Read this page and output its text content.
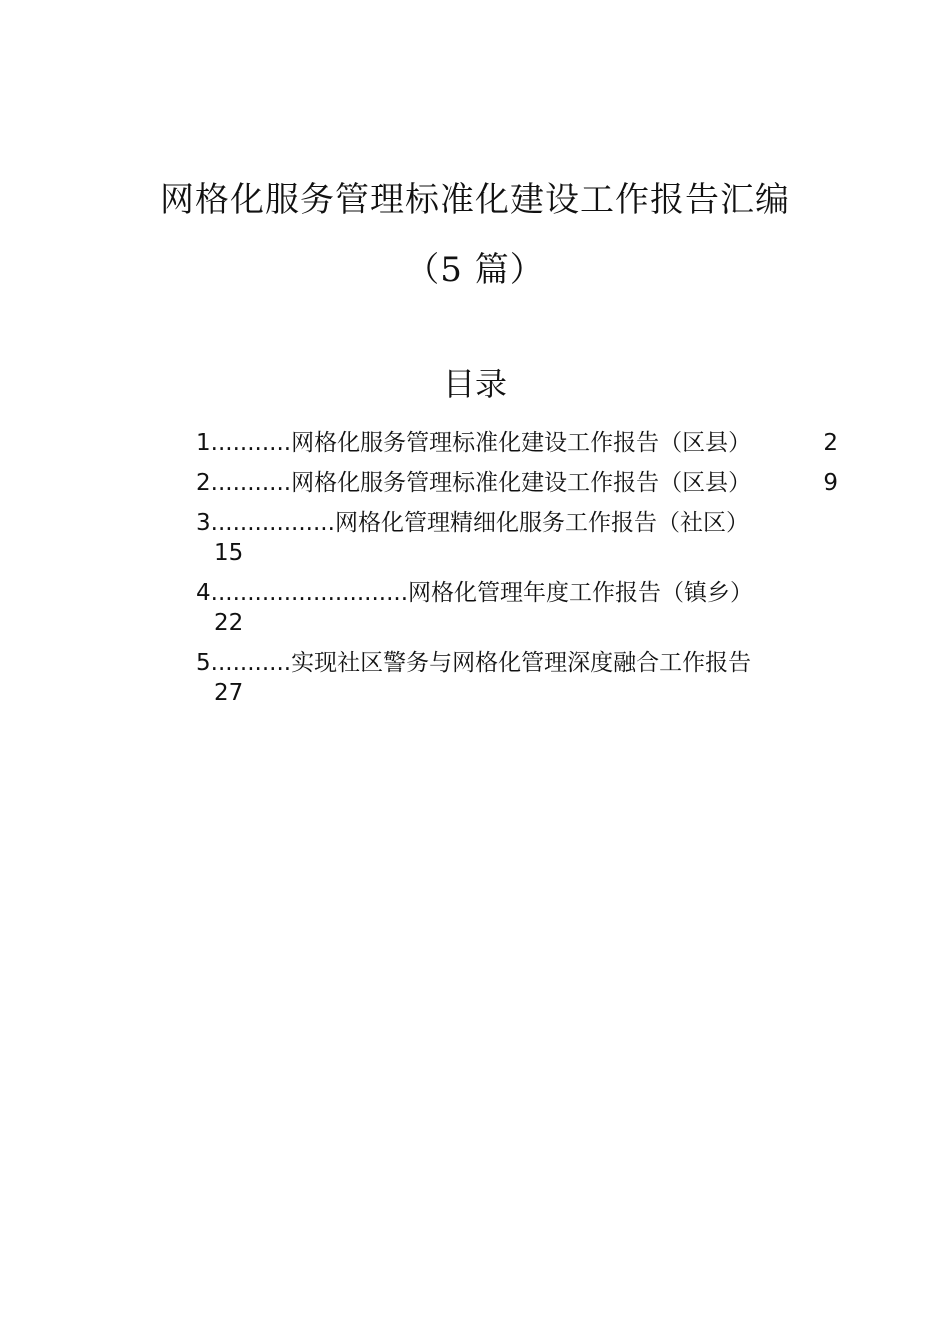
网格化服务管理标准化建设工作报告汇编
（5 篇）
目录
1...........网格化服务管理标准化建设工作报告（区县）	2
2...........网格化服务管理标准化建设工作报告（区县）	9
3.................网格化管理精细化服务工作报告（社区）
15
4...........................网格化管理年度工作报告（镇乡）
22
5...........实现社区警务与网格化管理深度融合工作报告
27
